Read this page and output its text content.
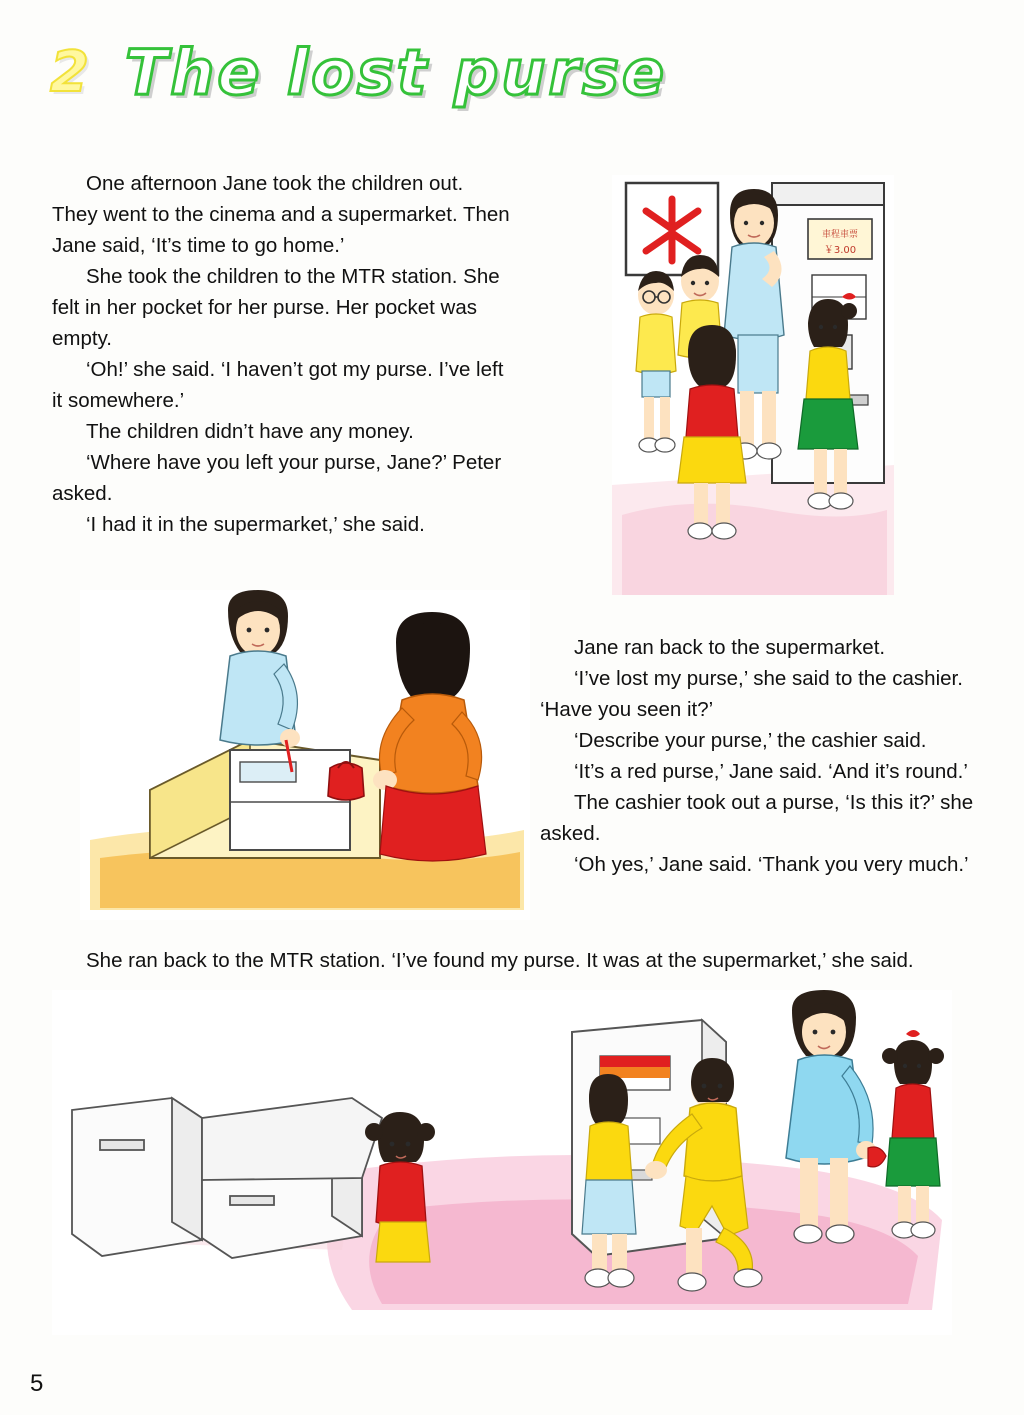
2 The lost purse

One afternoon Jane took the children out. They went to the cinema and a supermarket. Then Jane said, ‘It’s time to go home.’

She took the children to the MTR station. She felt in her pocket for her purse. Her pocket was empty.

‘Oh!’ she said. ‘I haven’t got my purse. I’ve left it somewhere.’

The children didn’t have any money.

‘Where have you left your purse, Jane?’ Peter asked.

‘I had it in the supermarket,’ she said.

Jane ran back to the supermarket.

‘I’ve lost my purse,’ she said to the cashier. ‘Have you seen it?’

‘Describe your purse,’ the cashier said.

‘It’s a red purse,’ Jane said. ‘And it’s round.’

The cashier took out a purse, ‘Is this it?’ she asked.

‘Oh yes,’ Jane said. ‘Thank you very much.’

She ran back to the MTR station. ‘I’ve found my purse. It was at the supermarket,’ she said.

車程車票
￥3.00
5
